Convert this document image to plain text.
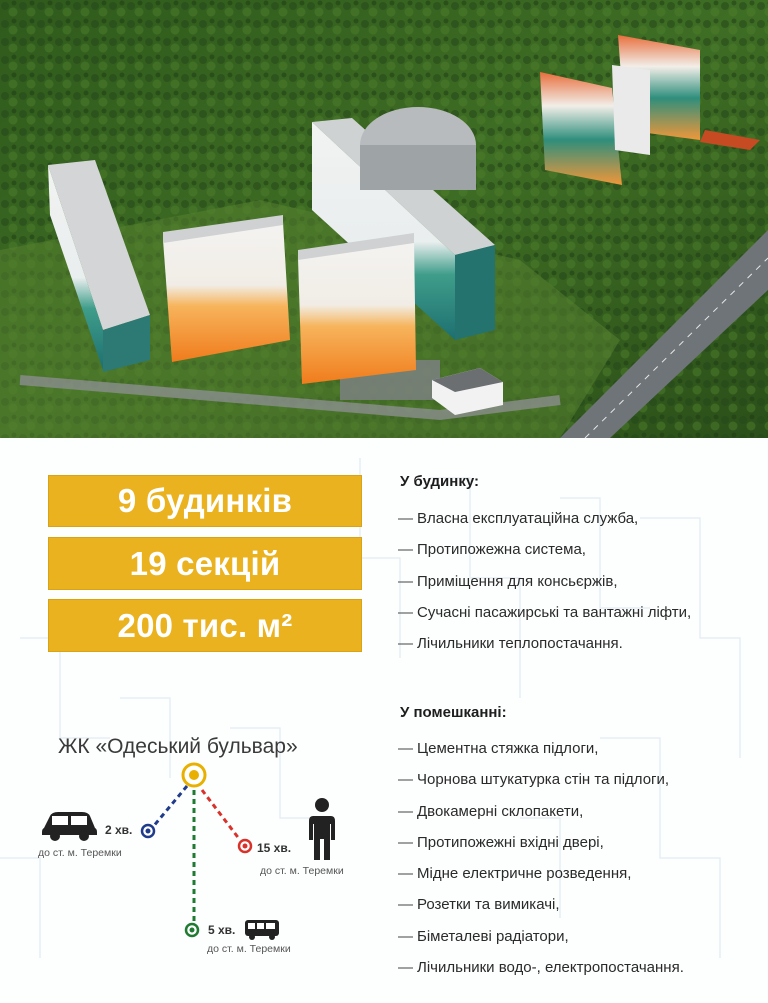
9 будинків
19 секцій
200 тис. м²
У будинку:
— Власна експлуатаційна служба,
— Протипожежна система,
— Приміщення для консьєржів,
— Сучасні пасажирські та вантажні ліфти,
— Лічильники теплопостачання.
У помешканні:
— Цементна стяжка підлоги,
— Чорнова штукатурка стін та підлоги,
— Двокамерні склопакети,
— Протипожежні вхідні двері,
— Мідне електричне розведення,
— Розетки та вимикачі,
— Біметалеві радіатори,
— Лічильники водо-, електропостачання.
ЖК «Одеський бульвар»
2 хв.
до ст. м. Теремки	15 хв.
до ст. м. Теремки
5 хв.
до ст. м. Теремки
